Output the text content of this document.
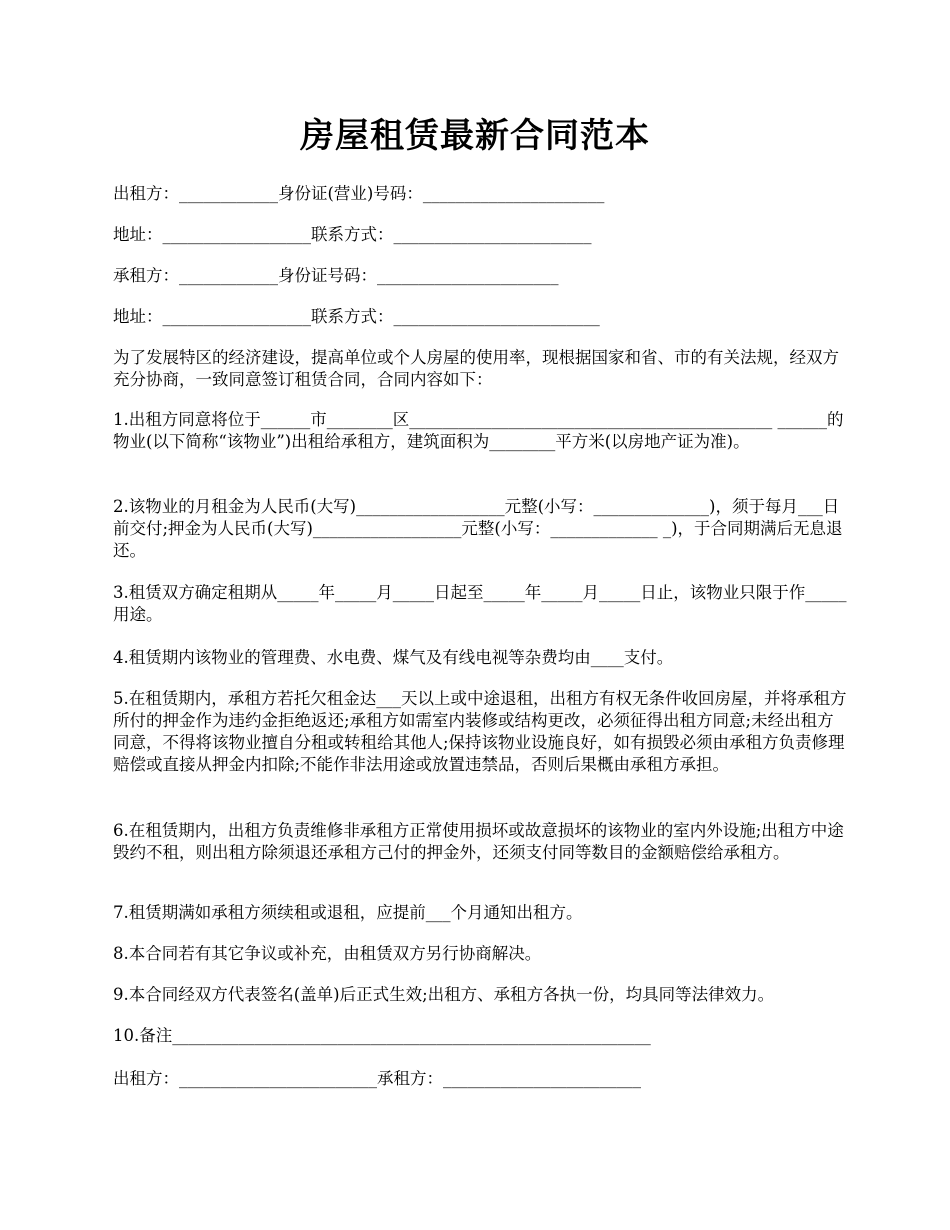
房屋租赁最新合同范本

出租方：____________身份证(营业)号码：______________________

地址：__________________联系方式：________________________

承租方：____________身份证号码：______________________

地址：__________________联系方式：_________________________

为了发展特区的经济建设，提高单位或个人房屋的使用率，现根据国家和省、市的有关法规，经双方充分协商，一致同意签订租赁合同，合同内容如下：

1.出租方同意将位于______市________区____________________________________________ ______的物业(以下简称“该物业”)出租给承租方，建筑面积为________平方米(以房地产证为准)。

2.该物业的月租金为人民币(大写)__________________元整(小写：______________)，须于每月___日前交付;押金为人民币(大写)__________________元整(小写：_____________ _)，于合同期满后无息退还。

3.租赁双方确定租期从_____年_____月_____日起至_____年_____月_____日止，该物业只限于作_____用途。

4.租赁期内该物业的管理费、水电费、煤气及有线电视等杂费均由____支付。

5.在租赁期内，承租方若托欠租金达___天以上或中途退租，出租方有权无条件收回房屋，并将承租方所付的押金作为违约金拒绝返还;承租方如需室内装修或结构更改，必须征得出租方同意;未经出租方同意，不得将该物业擅自分租或转租给其他人;保持该物业设施良好，如有损毁必须由承租方负责修理赔偿或直接从押金内扣除;不能作非法用途或放置违禁品，否则后果概由承租方承担。

6.在租赁期内，出租方负责维修非承租方正常使用损坏或故意损坏的该物业的室内外设施;出租方中途毁约不租，则出租方除须退还承租方己付的押金外，还须支付同等数目的金额赔偿给承租方。

7.租赁期满如承租方须续租或退租，应提前___个月通知出租方。

8.本合同若有其它争议或补充，由租赁双方另行协商解决。

9.本合同经双方代表签名(盖单)后正式生效;出租方、承租方各执一份，均具同等法律效力。

10.备注__________________________________________________________

出租方：________________________承租方：________________________
